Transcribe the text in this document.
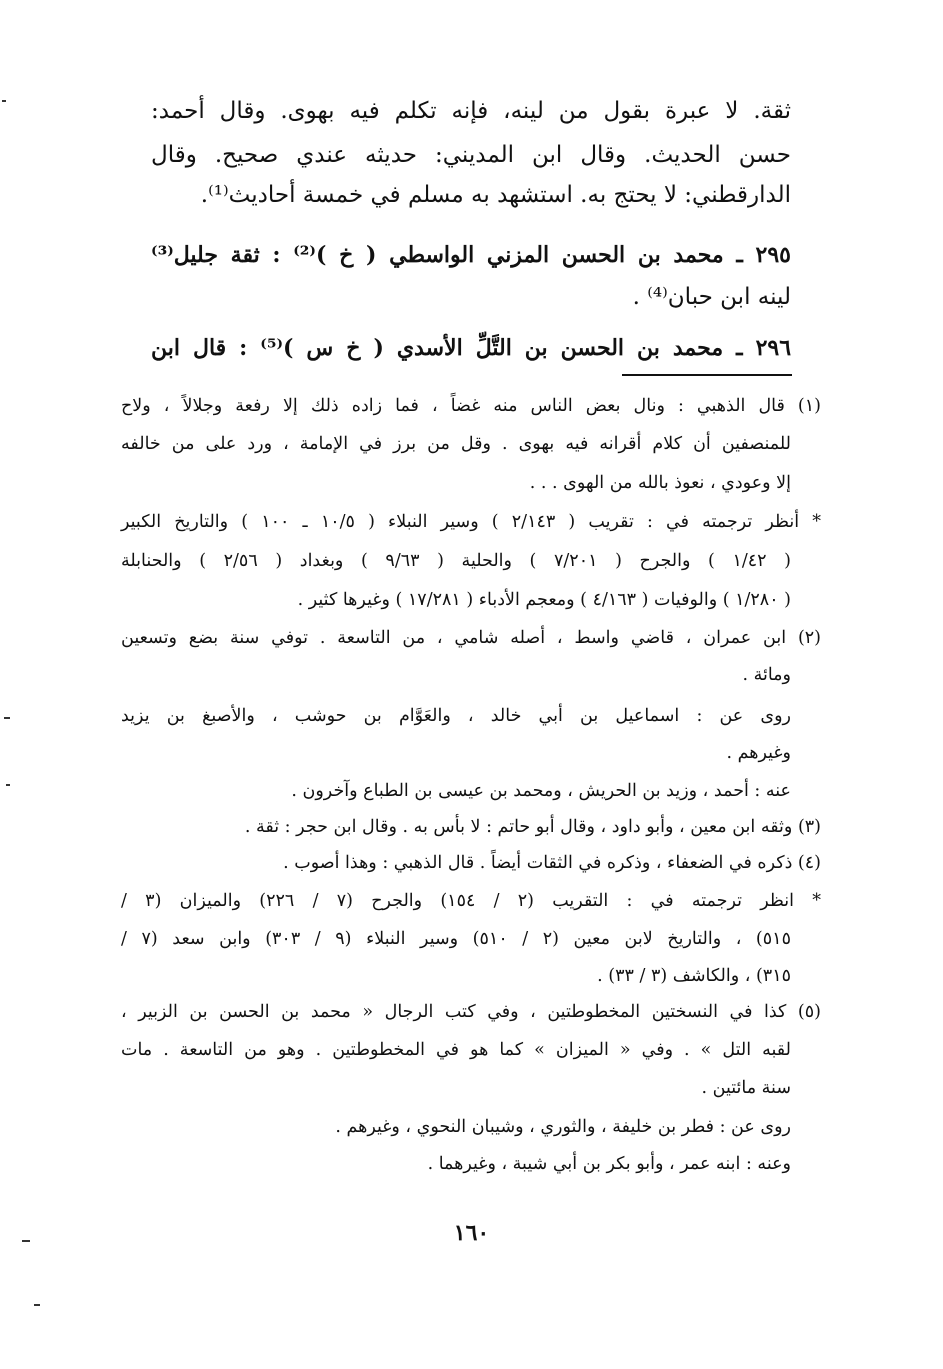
ثقة. لا عبرة بقول من لينه، فإنه تكلم فيه بهوى. وقال أحمد:
حسن الحديث. وقال ابن المديني: حديثه عندي صحيح. وقال
الدارقطني: لا يحتج به. استشهد به مسلم في خمسة أحاديث⁽¹⁾.
٢٩٥ ـ محمد بن الحسن المزني الواسطي ( خ )⁽²⁾ : ثقة جليل⁽³⁾
لينه ابن حبان⁽⁴⁾ .
٢٩٦ ـ محمد بن الحسن بن التَّلِّ الأسدي ( خ س )⁽⁵⁾ : قال ابن
(١) قال الذهبي : ونال بعض الناس منه غضاً ، فما زاده ذلك إلا رفعة وجلالاً ، ولاح
للمنصفين أن كلام أقرانه فيه بهوى . وقل من برز في الإمامة ، ورد على من خالفه
إلا وعودي ، نعوذ بالله من الهوى . . .
* أنظر ترجمته في : تقريب ( ٢/١٤٣ ) وسير النبلاء ( ١٠/٥ ـ ١٠٠ ) والتاريخ الكبير
( ١/٤٢ ) والجرح ( ٧/٢٠١ ) والحلية ( ٩/٦٣ ) وبغداد ( ٢/٥٦ ) والحنابلة
( ١/٢٨٠ ) والوفيات ( ٤/١٦٣ ) ومعجم الأدباء ( ١٧/٢٨١ ) وغيرها كثير .
(٢) ابن عمران ، قاضي واسط ، أصله شامي ، من التاسعة . توفي سنة بضع وتسعين
ومائة .
روى عن : اسماعيل بن أبي خالد ، والعَوَّام بن حوشب ، والأصبغ بن يزيد
وغيرهم .
عنه : أحمد ، وزيد بن الحريش ، ومحمد بن عيسى بن الطباع وآخرون .
(٣) وثقه ابن معين ، وأبو داود ، وقال أبو حاتم : لا بأس به . وقال ابن حجر : ثقة .
(٤) ذكره في الضعفاء ، وذكره في الثقات أيضاً . قال الذهبي : وهذا أصوب .
* انظر ترجمته في : التقريب (٢ / ١٥٤) والجرح (٧ / ٢٢٦) والميزان (٣ /
٥١٥) ، والتاريخ لابن معين (٢ / ٥١٠) وسير النبلاء (٩ / ٣٠٣) وابن سعد (٧ /
٣١٥) ، والكاشف (٣ / ٣٣) .
(٥) كذا في النسختين المخطوطتين ، وفي كتب الرجال « محمد بن الحسن بن الزبير ،
لقبه التل » . وفي « الميزان » كما هو في المخطوطتين . وهو من التاسعة . مات
سنة مائتين .
روى عن : فطر بن خليفة ، والثوري ، وشيبان النحوي ، وغيرهم .
وعنه : ابنه عمر ، وأبو بكر بن أبي شيبة ، وغيرهما .
١٦٠
